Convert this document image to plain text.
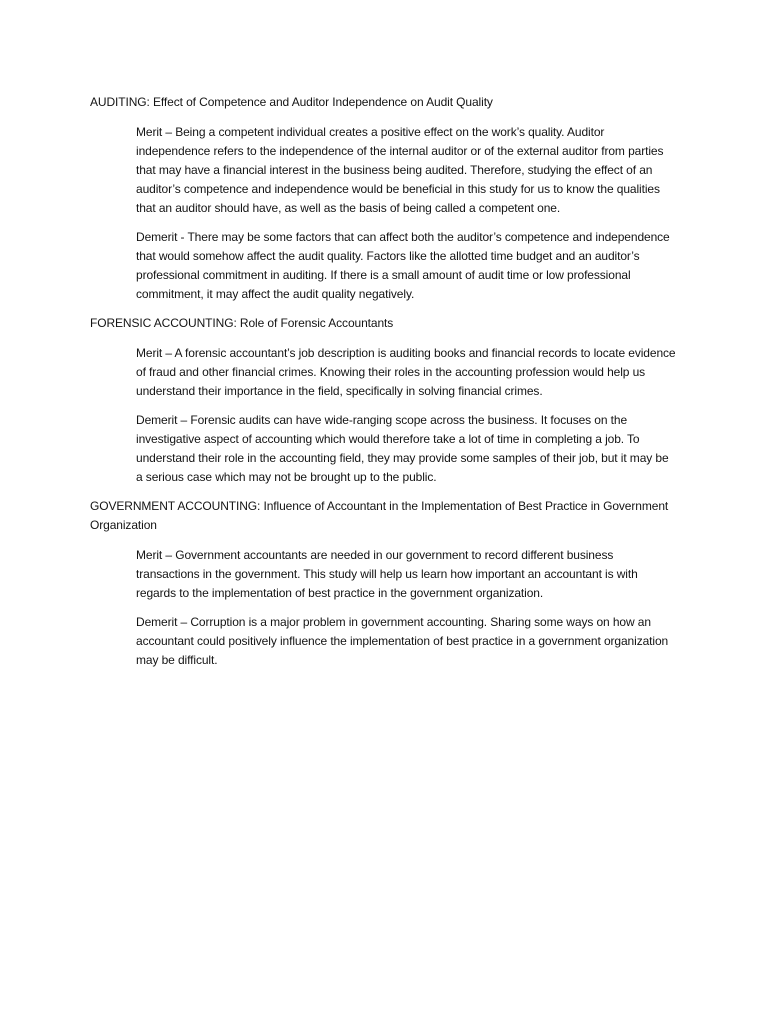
AUDITING: Effect of Competence and Auditor Independence on Audit Quality

Merit – Being a competent individual creates a positive effect on the work’s quality. Auditor independence refers to the independence of the internal auditor or of the external auditor from parties that may have a financial interest in the business being audited. Therefore, studying the effect of an auditor’s competence and independence would be beneficial in this study for us to know the qualities that an auditor should have, as well as the basis of being called a competent one.

Demerit - There may be some factors that can affect both the auditor’s competence and independence that would somehow affect the audit quality. Factors like the allotted time budget and an auditor’s professional commitment in auditing. If there is a small amount of audit time or low professional commitment, it may affect the audit quality negatively.

FORENSIC ACCOUNTING: Role of Forensic Accountants

Merit – A forensic accountant’s job description is auditing books and financial records to locate evidence of fraud and other financial crimes. Knowing their roles in the accounting profession would help us understand their importance in the field, specifically in solving financial crimes.

Demerit – Forensic audits can have wide-ranging scope across the business. It focuses on the investigative aspect of accounting which would therefore take a lot of time in completing a job. To understand their role in the accounting field, they may provide some samples of their job, but it may be a serious case which may not be brought up to the public.

GOVERNMENT ACCOUNTING: Influence of Accountant in the Implementation of Best Practice in Government Organization

Merit – Government accountants are needed in our government to record different business transactions in the government. This study will help us learn how important an accountant is with regards to the implementation of best practice in the government organization.

Demerit – Corruption is a major problem in government accounting. Sharing some ways on how an accountant could positively influence the implementation of best practice in a government organization may be difficult.
